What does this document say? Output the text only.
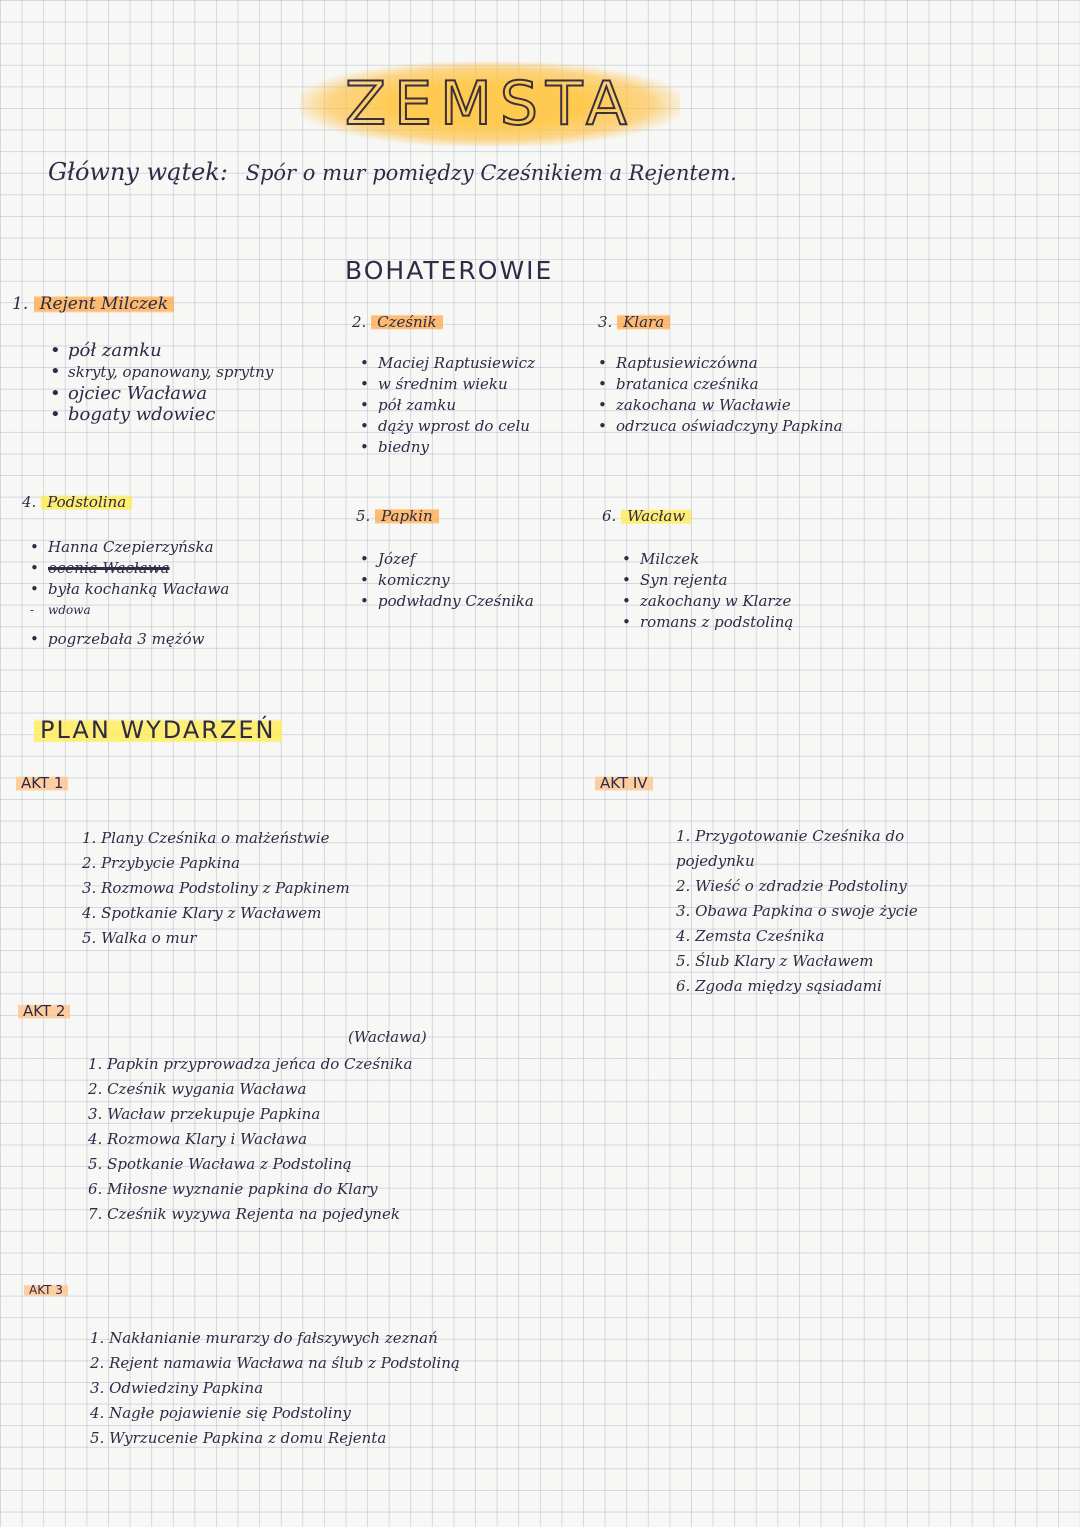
ZEMSTA
Główny wątek: Spór o mur pomiędzy Cześnikiem a Rejentem.
BOHATEROWIE
1. Rejent Milczek
• pół zamku
• skryty, opanowany, sprytny
• ojciec Wacława
• bogaty wdowiec
2. Cześnik
• Maciej Raptusiewicz
• w średnim wieku
• pół zamku
• dąży wprost do celu
• biedny
3. Klara
• Raptusiewiczówna
• bratanica cześnika
• zakochana w Wacławie
• odrzuca oświadczyny Papkina
4. Podstolina
• Hanna Czepierzyńska
• ocenia Wacława
• była kochanką Wacława
- wdowa
• pogrzebała 3 mężów
5. Papkin
• Józef
• komiczny
• podwładny Cześnika
6. Wacław
• Milczek
• Syn rejenta
• zakochany w Klarze
• romans z podstoliną
PLAN WYDARZEŃ
AKT 1
1. Plany Cześnika o małżeństwie
2. Przybycie Papkina
3. Rozmowa Podstoliny z Papkinem
4. Spotkanie Klary z Wacławem
5. Walka o mur
AKT 2
(Wacława)
1. Papkin przyprowadza jeńca do Cześnika
2. Cześnik wygania Wacława
3. Wacław przekupuje Papkina
4. Rozmowa Klary i Wacława
5. Spotkanie Wacława z Podstoliną
6. Miłosne wyznanie papkina do Klary
7. Cześnik wyzywa Rejenta na pojedynek
AKT 3
1. Nakłanianie murarzy do fałszywych zeznań
2. Rejent namawia Wacława na ślub z Podstoliną
3. Odwiedziny Papkina
4. Nagłe pojawienie się Podstoliny
5. Wyrzucenie Papkina z domu Rejenta
AKT IV
1. Przygotowanie Cześnika do pojedynku
2. Wieść o zdradzie Podstoliny
3. Obawa Papkina o swoje życie
4. Zemsta Cześnika
5. Ślub Klary z Wacławem
6. Zgoda między sąsiadami
